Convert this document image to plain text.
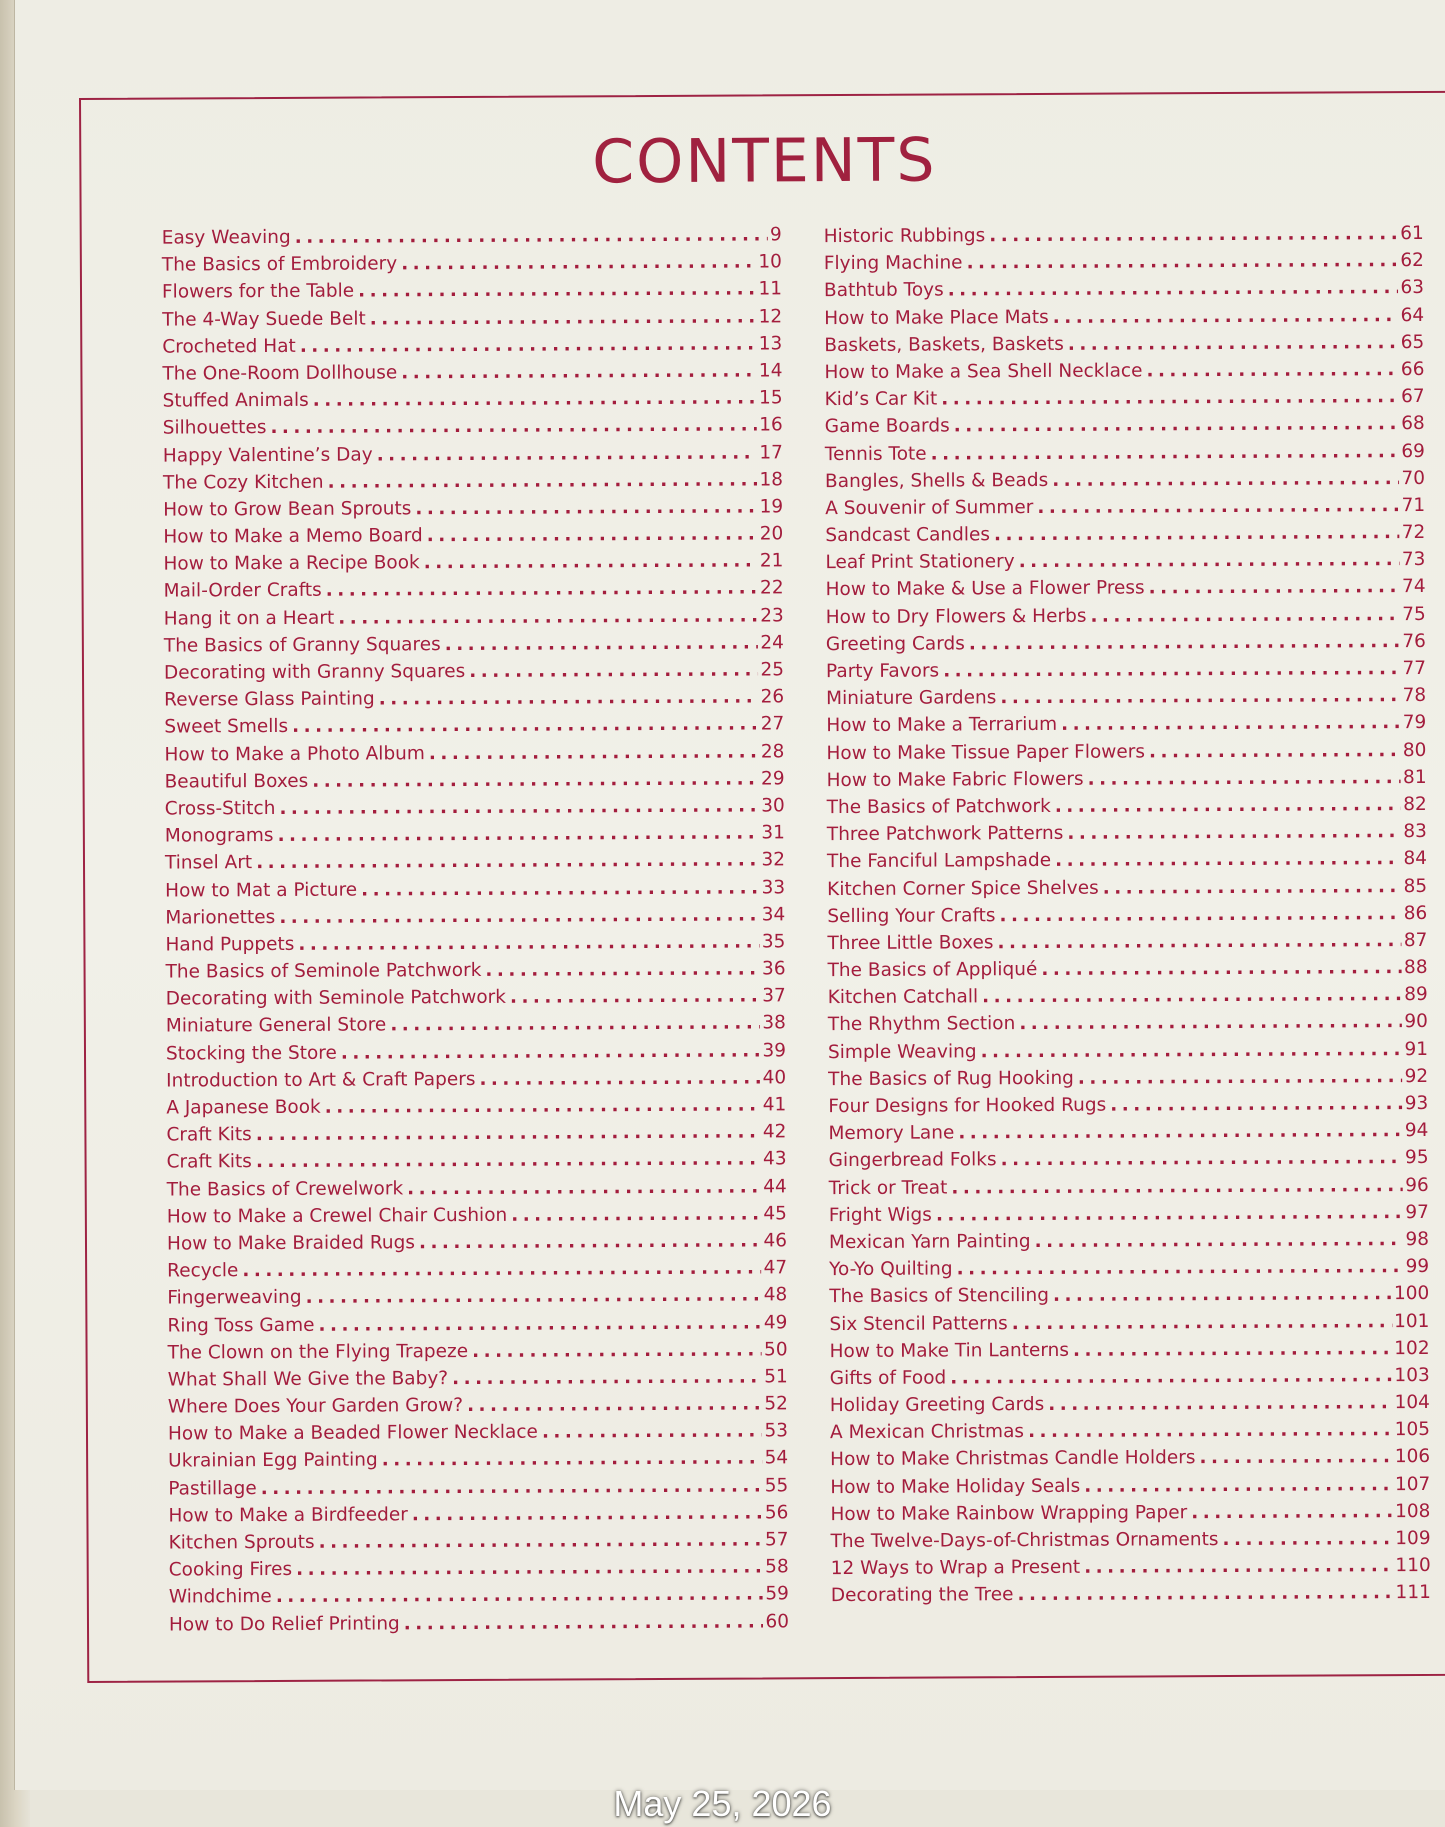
CONTENTS
Easy Weaving . . .	9
The Basics of Embroidery . . .	10
Flowers for the Table . . .	11
The 4-Way Suede Belt . . .	12
Crocheted Hat . . .	13
The One-Room Dollhouse . . .	14
Stuffed Animals . . .	15
Silhouettes . . .	16
Happy Valentine’s Day . . .	17
The Cozy Kitchen . . .	18
How to Grow Bean Sprouts . . .	19
How to Make a Memo Board . . .	20
How to Make a Recipe Book . . .	21
Mail-Order Crafts . . .	22
Hang it on a Heart . . .	23
The Basics of Granny Squares . . .	24
Decorating with Granny Squares . . .	25
Reverse Glass Painting . . .	26
Sweet Smells . . .	27
How to Make a Photo Album . . .	28
Beautiful Boxes . . .	29
Cross-Stitch . . .	30
Monograms . . .	31
Tinsel Art . . .	32
How to Mat a Picture . . .	33
Marionettes . . .	34
Hand Puppets . . .	35
The Basics of Seminole Patchwork . . .	36
Decorating with Seminole Patchwork . . .	37
Miniature General Store . . .	38
Stocking the Store . . .	39
Introduction to Art & Craft Papers . . .	40
A Japanese Book . . .	41
Craft Kits . . .	42
Craft Kits . . .	43
The Basics of Crewelwork . . .	44
How to Make a Crewel Chair Cushion . . .	45
How to Make Braided Rugs . . .	46
Recycle . . .	47
Fingerweaving . . .	48
Ring Toss Game . . .	49
The Clown on the Flying Trapeze . . .	50
What Shall We Give the Baby? . . .	51
Where Does Your Garden Grow? . . .	52
How to Make a Beaded Flower Necklace . . .	53
Ukrainian Egg Painting . . .	54
Pastillage . . .	55
How to Make a Birdfeeder . . .	56
Kitchen Sprouts . . .	57
Cooking Fires . . .	58
Windchime . . .	59
How to Do Relief Printing . . .	60
Historic Rubbings . . .	61
Flying Machine . . .	62
Bathtub Toys . . .	63
How to Make Place Mats . . .	64
Baskets, Baskets, Baskets . . .	65
How to Make a Sea Shell Necklace . . .	66
Kid’s Car Kit . . .	67
Game Boards . . .	68
Tennis Tote . . .	69
Bangles, Shells & Beads . . .	70
A Souvenir of Summer . . .	71
Sandcast Candles . . .	72
Leaf Print Stationery . . .	73
How to Make & Use a Flower Press . . .	74
How to Dry Flowers & Herbs . . .	75
Greeting Cards . . .	76
Party Favors . . .	77
Miniature Gardens . . .	78
How to Make a Terrarium . . .	79
How to Make Tissue Paper Flowers . . .	80
How to Make Fabric Flowers . . .	81
The Basics of Patchwork . . .	82
Three Patchwork Patterns . . .	83
The Fanciful Lampshade . . .	84
Kitchen Corner Spice Shelves . . .	85
Selling Your Crafts . . .	86
Three Little Boxes . . .	87
The Basics of Appliqué . . .	88
Kitchen Catchall . . .	89
The Rhythm Section . . .	90
Simple Weaving . . .	91
The Basics of Rug Hooking . . .	92
Four Designs for Hooked Rugs . . .	93
Memory Lane . . .	94
Gingerbread Folks . . .	95
Trick or Treat . . .	96
Fright Wigs . . .	97
Mexican Yarn Painting . . .	98
Yo-Yo Quilting . . .	99
The Basics of Stenciling . . .	100
Six Stencil Patterns . . .	101
How to Make Tin Lanterns . . .	102
Gifts of Food . . .	103
Holiday Greeting Cards . . .	104
A Mexican Christmas . . .	105
How to Make Christmas Candle Holders . . .	106
How to Make Holiday Seals . . .	107
How to Make Rainbow Wrapping Paper . . .	108
The Twelve-Days-of-Christmas Ornaments . . .	109
12 Ways to Wrap a Present . . .	110
Decorating the Tree . . .	111
May 25, 2026
